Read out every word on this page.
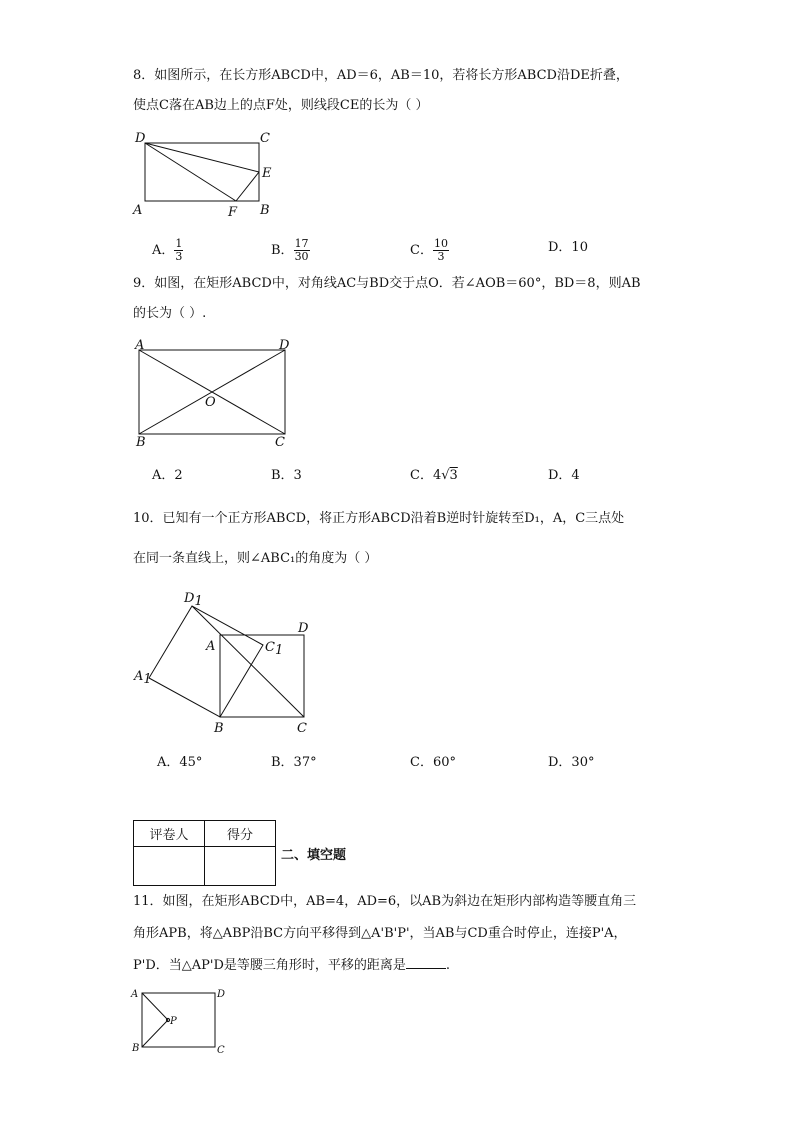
8．如图所示，在长方形ABCD中，AD＝6，AB＝10，若将长方形ABCD沿DE折叠，
使点C落在AB边上的点F处，则线段CE的长为（ ）
D	C
E
A	F B
A． $\frac{1}{3}$	B． $\frac{17}{30}$	C． $\frac{10}{3}$	D．10
9．如图，在矩形ABCD中，对角线AC与BD交于点O．若∠AOB＝60°，BD＝8，则AB
的长为（ ）.
A	D
O
B	C
A．2	B．3	C．4√3	D．4
10．已知有一个正方形ABCD，将正方形ABCD沿着B逆时针旋转至D₁，A，C三点处
在同一条直线上，则∠ABC₁的角度为（ ）
D1
A
D
C1
A1
B	C
A．45°	B．37°	C．60°	D．30°
评卷人	得分

二、填空题
11．如图，在矩形ABCD中，AB=4，AD=6，以AB为斜边在矩形内部构造等腰直角三
角形APB，将△ABP沿BC方向平移得到△A'B'P'，当AB与CD重合时停止，连接P'A，
P'D．当△AP'D是等腰三角形时，平移的距离是	.
A	D
P
B	C
